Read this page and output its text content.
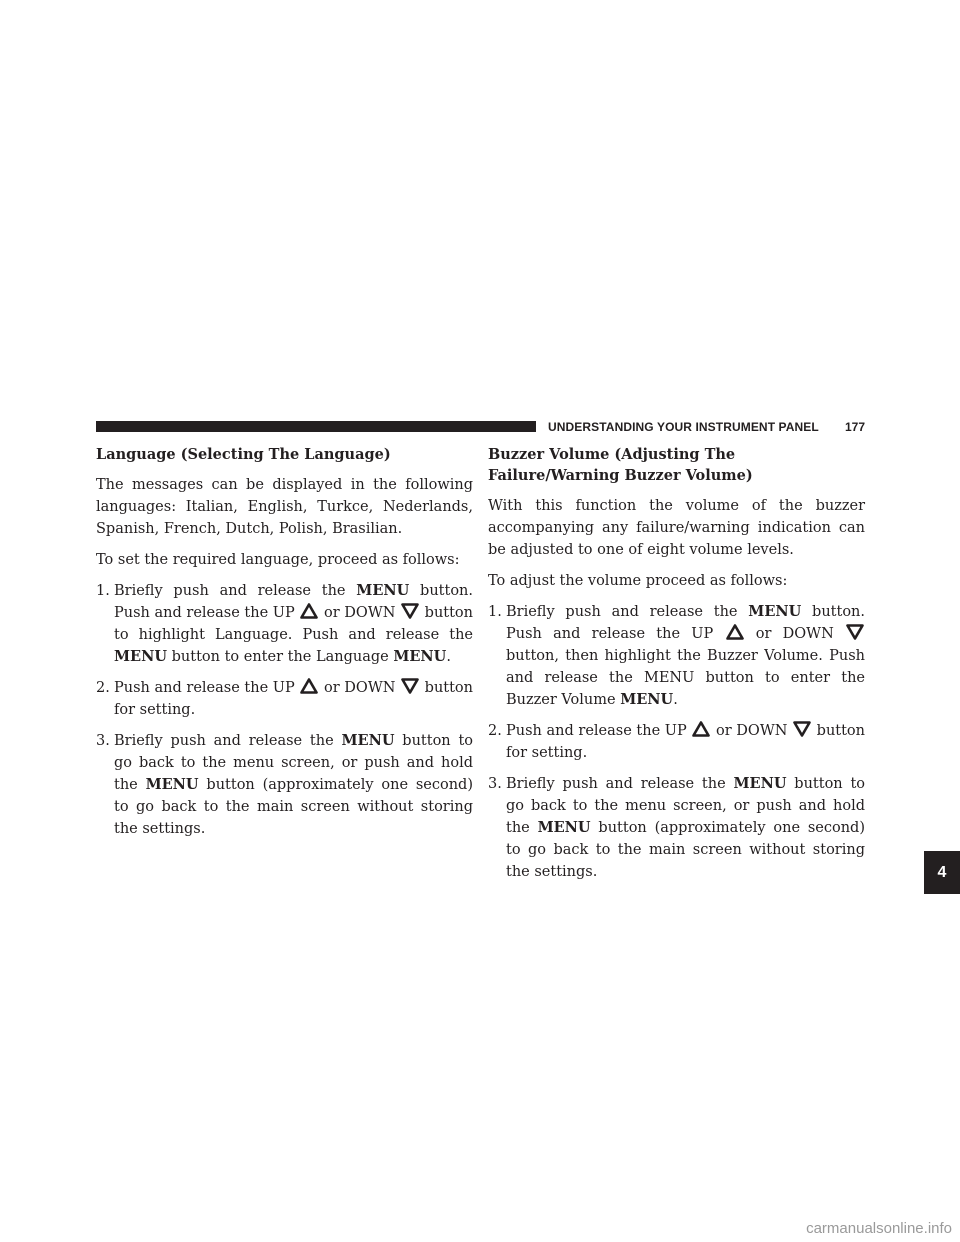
UNDERSTANDING YOUR INSTRUMENT PANEL	177
4
Language (Selecting The Language)
The messages can be displayed in the following languages: Italian, English, Turkce, Nederlands, Spanish, French, Dutch, Polish, Brasilian.
To set the required language, proceed as follows:
1. Briefly push and release the MENU button. Push and release the UP
or DOWN
button to highlight Language. Push and release the MENU button to enter the Language MENU.
2. Push and release the UP
or DOWN
button for setting.
3. Briefly push and release the MENU button to go back to the menu screen, or push and hold the MENU button (approximately one second) to go back to the main screen without storing the settings.
Buzzer Volume (Adjusting The Failure/Warning Buzzer Volume)
With this function the volume of the buzzer accompanying any failure/warning indication can be adjusted to one of eight volume levels.
To adjust the volume proceed as follows:
1. Briefly push and release the MENU button. Push and release the UP
or DOWN
button, then highlight the Buzzer Volume. Push and release the MENU button to enter the Buzzer Volume MENU.
2. Push and release the UP
or DOWN
button for setting.
3. Briefly push and release the MENU button to go back to the menu screen, or push and hold the MENU button (approximately one second) to go back to the main screen without storing the settings.
carmanualsonline.info
